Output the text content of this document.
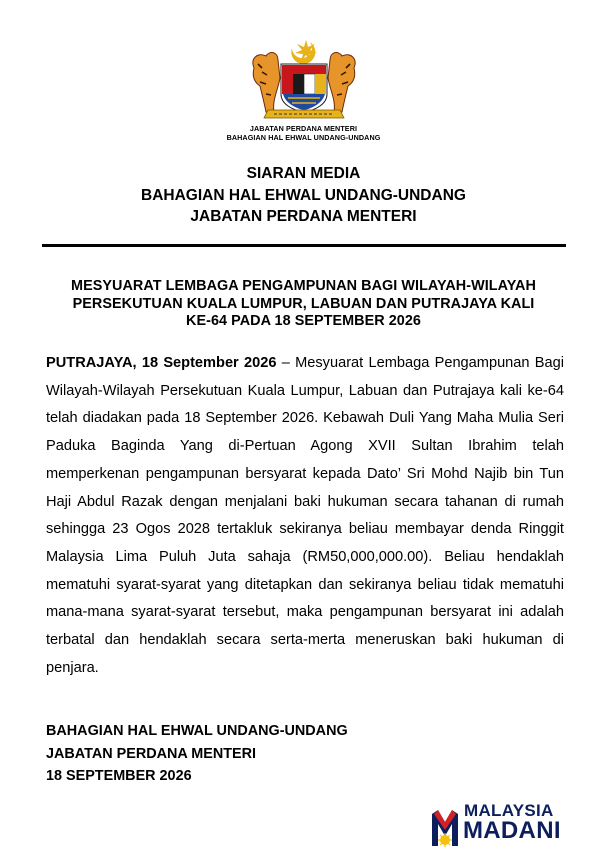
JABATAN PERDANA MENTERI
BAHAGIAN HAL EHWAL UNDANG-UNDANG
SIARAN MEDIA
BAHAGIAN HAL EHWAL UNDANG-UNDANG
JABATAN PERDANA MENTERI
MESYUARAT LEMBAGA PENGAMPUNAN BAGI WILAYAH-WILAYAH PERSEKUTUAN KUALA LUMPUR, LABUAN DAN PUTRAJAYA KALI KE-64 PADA 18 SEPTEMBER 2026
PUTRAJAYA, 18 September 2026 – Mesyuarat Lembaga Pengampunan Bagi Wilayah-Wilayah Persekutuan Kuala Lumpur, Labuan dan Putrajaya kali ke-64 telah diadakan pada 18 September 2026. Kebawah Duli Yang Maha Mulia Seri Paduka Baginda Yang di-Pertuan Agong XVII Sultan Ibrahim telah memperkenan pengampunan bersyarat kepada Dato’ Sri Mohd Najib bin Tun Haji Abdul Razak dengan menjalani baki hukuman secara tahanan di rumah sehingga 23 Ogos 2028 tertakluk sekiranya beliau membayar denda Ringgit Malaysia Lima Puluh Juta sahaja (RM50,000,000.00). Beliau hendaklah mematuhi syarat-syarat yang ditetapkan dan sekiranya beliau tidak mematuhi mana-mana syarat-syarat tersebut, maka pengampunan bersyarat ini adalah terbatal dan hendaklah secara serta-merta meneruskan baki hukuman di penjara.
BAHAGIAN HAL EHWAL UNDANG-UNDANG
JABATAN PERDANA MENTERI
18 SEPTEMBER 2026
MALAYSIA
MADANI
